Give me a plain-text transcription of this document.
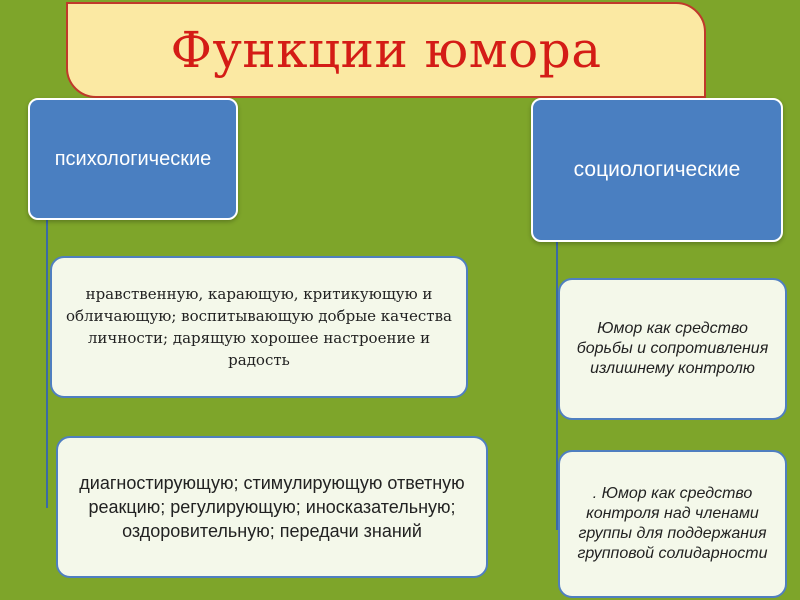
Функции юмора
психологические	социологические
нравственную, карающую, критикующую и обличающую; воспитывающую добрые качества личности; дарящую хорошее настроение и радость
диагностирующую; стимулирующую ответную реакцию; регулирующую; иносказательную; оздоровительную; передачи знаний
Юмор как средство борьбы и сопротивления излишнему контролю
. Юмор как средство контроля над членами группы для поддержания групповой солидарности
